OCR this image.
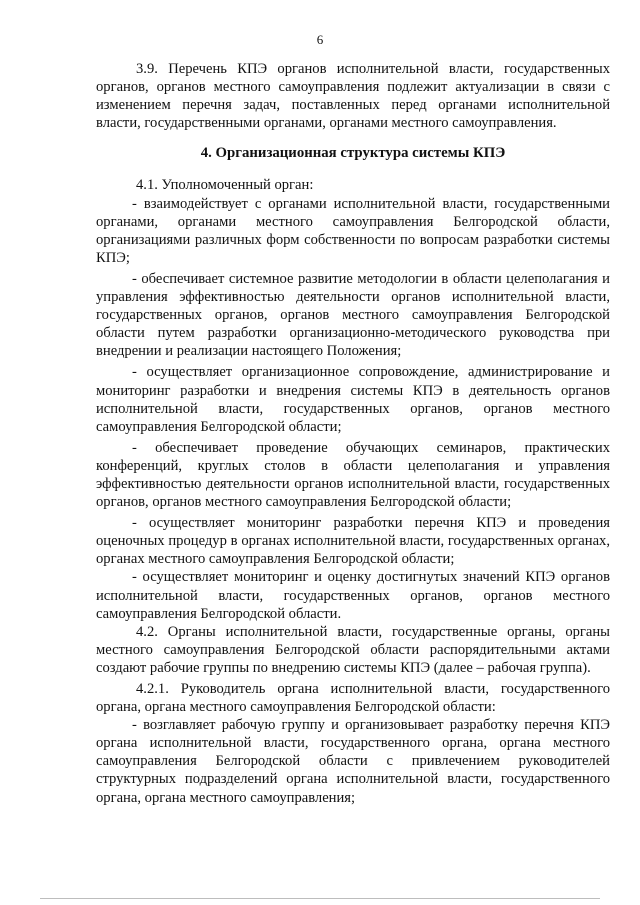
6

3.9. Перечень КПЭ органов исполнительной власти, государственных органов, органов местного самоуправления подлежит актуализации в связи с изменением перечня задач, поставленных перед органами исполнительной власти, государственными органами, органами местного самоуправления.

4. Организационная структура системы КПЭ

4.1. Уполномоченный орган:

- взаимодействует с органами исполнительной власти, государственными органами, органами местного самоуправления Белгородской области, организациями различных форм собственности по вопросам разработки системы КПЭ;

- обеспечивает системное развитие методологии в области целеполагания и управления эффективностью деятельности органов исполнительной власти, государственных органов, органов местного самоуправления Белгородской области путем разработки организационно-методического руководства при внедрении и реализации настоящего Положения;

- осуществляет организационное сопровождение, администрирование и мониторинг разработки и внедрения системы КПЭ в деятельность органов исполнительной власти, государственных органов, органов местного самоуправления Белгородской области;

- обеспечивает проведение обучающих семинаров, практических конференций, круглых столов в области целеполагания и управления эффективностью деятельности органов исполнительной власти, государственных органов, органов местного самоуправления Белгородской области;

- осуществляет мониторинг разработки перечня КПЭ и проведения оценочных процедур в органах исполнительной власти, государственных органах, органах местного самоуправления Белгородской области;

- осуществляет мониторинг и оценку достигнутых значений КПЭ органов исполнительной власти, государственных органов, органов местного самоуправления Белгородской области.

4.2. Органы исполнительной власти, государственные органы, органы местного самоуправления Белгородской области распорядительными актами создают рабочие группы по внедрению системы КПЭ (далее – рабочая группа).

4.2.1. Руководитель органа исполнительной власти, государственного органа, органа местного самоуправления Белгородской области:

- возглавляет рабочую группу и организовывает разработку перечня КПЭ органа исполнительной власти, государственного органа, органа местного самоуправления Белгородской области с привлечением руководителей структурных подразделений органа исполнительной власти, государственного органа, органа местного самоуправления;
